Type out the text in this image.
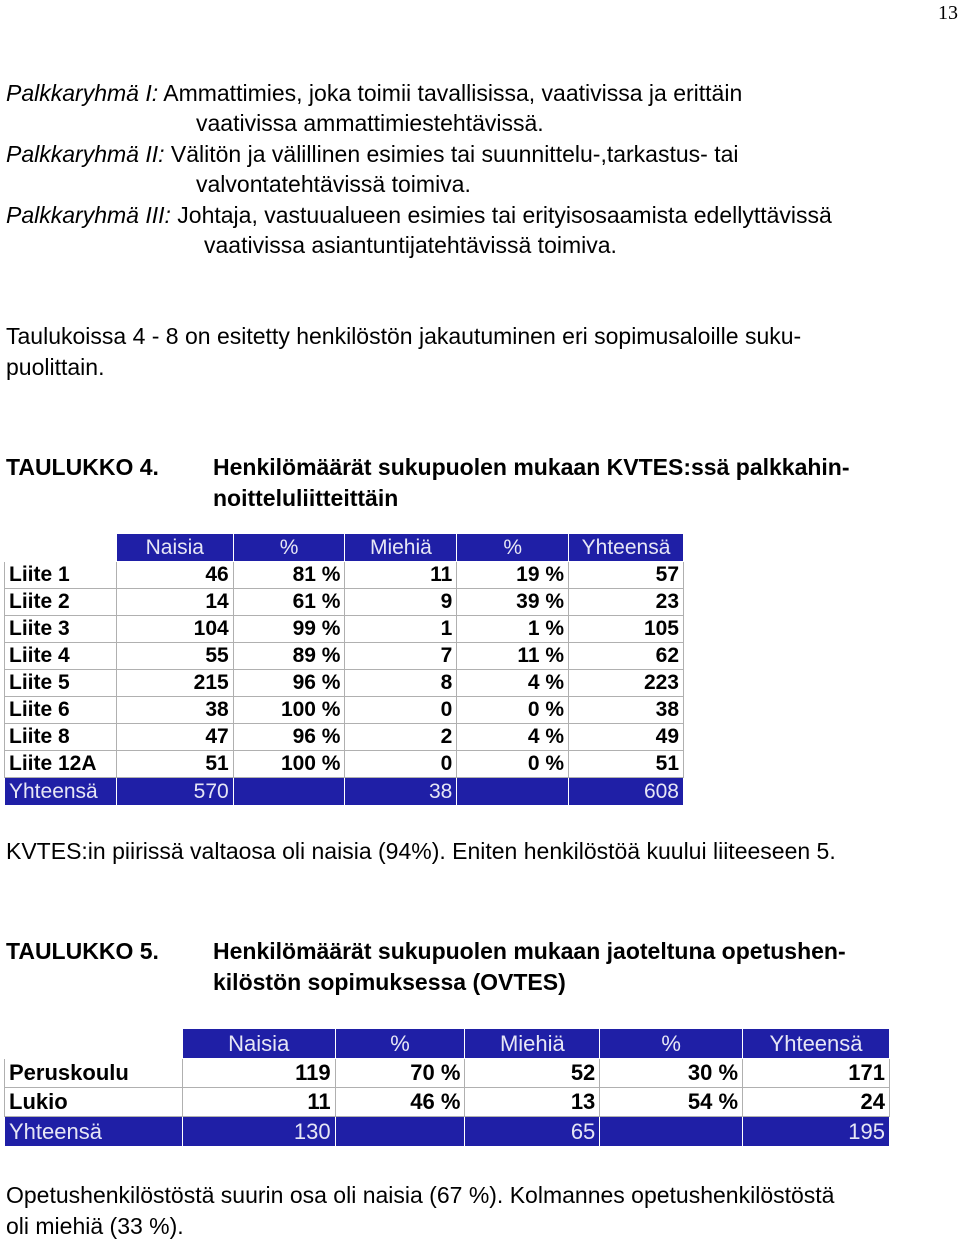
13
Palkkaryhmä I: Ammattimies, joka toimii tavallisissa, vaativissa ja erittäin
vaativissa ammattimiestehtävissä.
Palkkaryhmä II: Välitön ja välillinen esimies tai suunnittelu-,tarkastus- tai
valvontatehtävissä toimiva.
Palkkaryhmä III: Johtaja, vastuualueen esimies tai erityisosaamista edellyttävissä
vaativissa asiantuntijatehtävissä toimiva.
Taulukoissa 4 - 8 on esitetty henkilöstön jakautuminen eri sopimusaloille suku-
puolittain.
TAULUKKO 4. Henkilömäärät sukupuolen mukaan KVTES:ssä palkkahin-
noitteluliitteittäin
	Naisia	%	Miehiä	%	Yhteensä
Liite 1	46	81 %	11	19 %	57
Liite 2	14	61 %	9	39 %	23
Liite 3	104	99 %	1	1 %	105
Liite 4	55	89 %	7	11 %	62
Liite 5	215	96 %	8	4 %	223
Liite 6	38	100 %	0	0 %	38
Liite 8	47	96 %	2	4 %	49
Liite 12A	51	100 %	0	0 %	51
Yhteensä	570		38		608
KVTES:in piirissä valtaosa oli naisia (94%). Eniten henkilöstöä kuului liiteeseen 5.
TAULUKKO 5. Henkilömäärät sukupuolen mukaan jaoteltuna opetushen-
kilöstön sopimuksessa (OVTES)
	Naisia	%	Miehiä	%	Yhteensä
Peruskoulu	119	70 %	52	30 %	171
Lukio	11	46 %	13	54 %	24
Yhteensä	130		65		195
Opetushenkilöstöstä suurin osa oli naisia (67 %). Kolmannes opetushenkilöstöstä
oli miehiä (33 %).
